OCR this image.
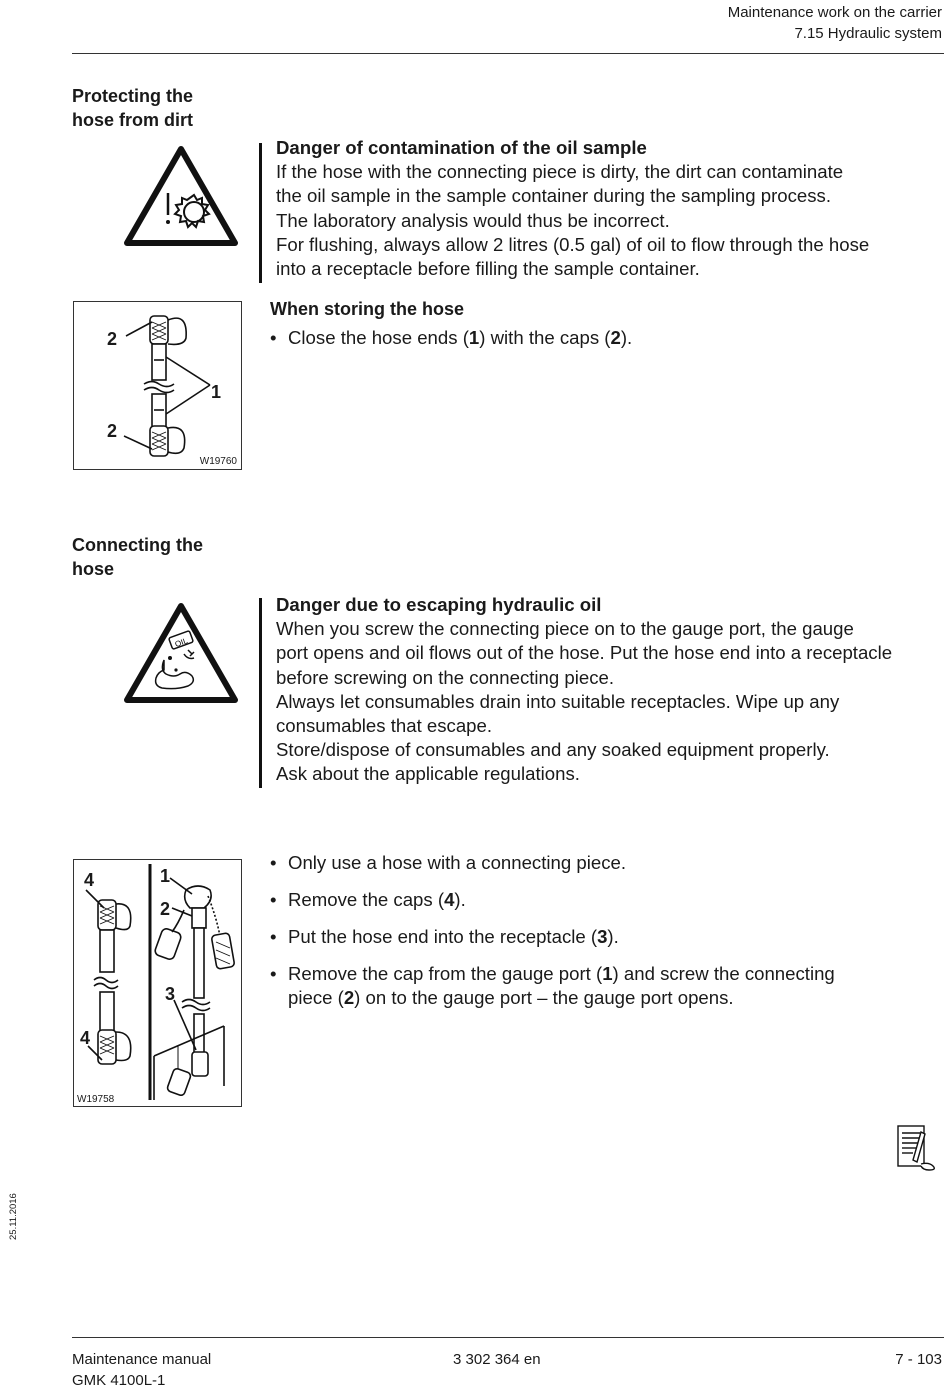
Maintenance work on the carrier
7.15 Hydraulic system
Protecting the
hose from dirt
Danger of contamination of the oil sample
If the hose with the connecting piece is dirty, the dirt can contaminate
the oil sample in the sample container during the sampling process.
The laboratory analysis would thus be incorrect.
For flushing, always allow 2 litres (0.5 gal) of oil to flow through the hose
into a receptacle before filling the sample container.
2
1
2
W19760
When storing the hose
• Close the hose ends (1) with the caps (2).
Connecting the
hose
OIL
Danger due to escaping hydraulic oil
When you screw the connecting piece on to the gauge port, the gauge
port opens and oil flows out of the hose. Put the hose end into a receptacle
before screwing on the connecting piece.
Always let consumables drain into suitable receptacles. Wipe up any
consumables that escape.
Store/dispose of consumables and any soaked equipment properly.
Ask about the applicable regulations.
4	1
2
3
4
W19758
• Only use a hose with a connecting piece.
• Remove the caps (4).
• Put the hose end into the receptacle (3).
• Remove the cap from the gauge port (1) and screw the connecting
piece (2) on to the gauge port – the gauge port opens.
25.11.2016
Maintenance manual
GMK 4100L-1
3 302 364 en	7 - 103
